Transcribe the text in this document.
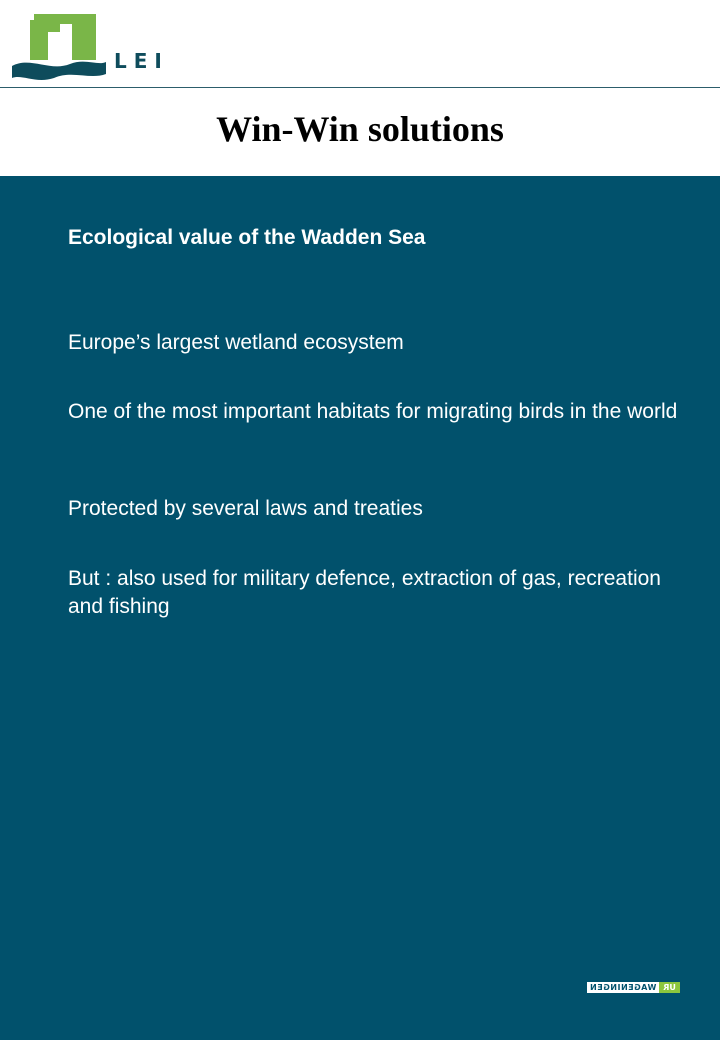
LEI
Win-Win solutions
Ecological value of the Wadden Sea
Europe’s largest wetland ecosystem
One of the most important habitats for migrating birds in the world
Protected by several laws and treaties
But : also used for military defence, extraction of gas, recreation  and fishing
WAGENINGEN UR
